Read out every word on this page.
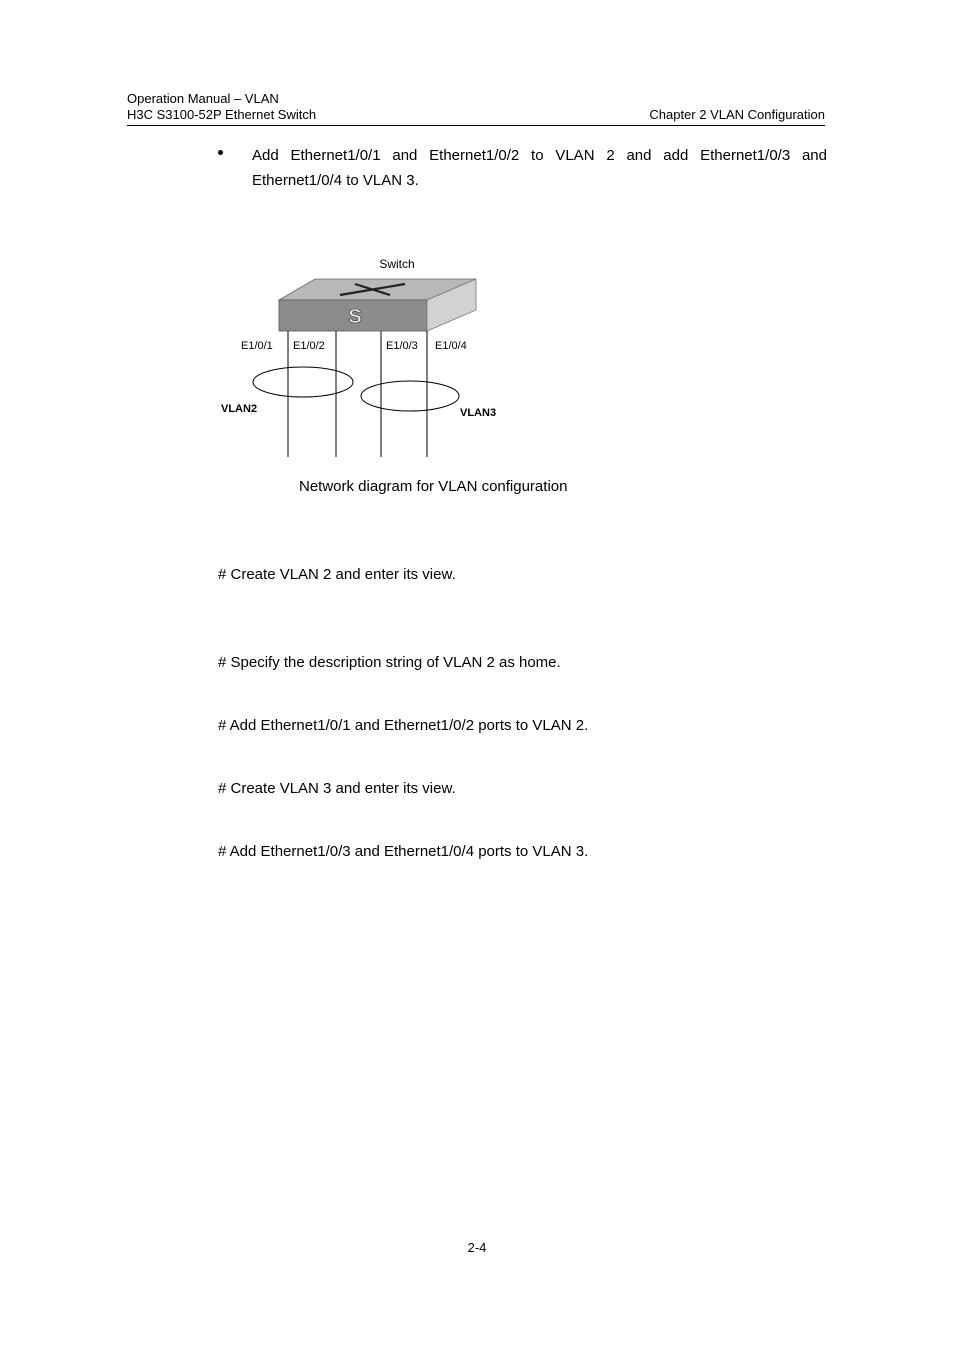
Operation Manual – VLAN
H3C S3100-52P Ethernet Switch	Chapter 2 VLAN Configuration
Add Ethernet1/0/1 and Ethernet1/0/2 to VLAN 2 and add Ethernet1/0/3 and Ethernet1/0/4 to VLAN 3.
Switch
S
E1/0/1 E1/0/2	E1/0/3 E1/0/4
VLAN2	VLAN3
Network diagram for VLAN configuration
# Create VLAN 2 and enter its view.
# Specify the description string of VLAN 2 as home.
# Add Ethernet1/0/1 and Ethernet1/0/2 ports to VLAN 2.
# Create VLAN 3 and enter its view.
# Add Ethernet1/0/3 and Ethernet1/0/4 ports to VLAN 3.
2-4
